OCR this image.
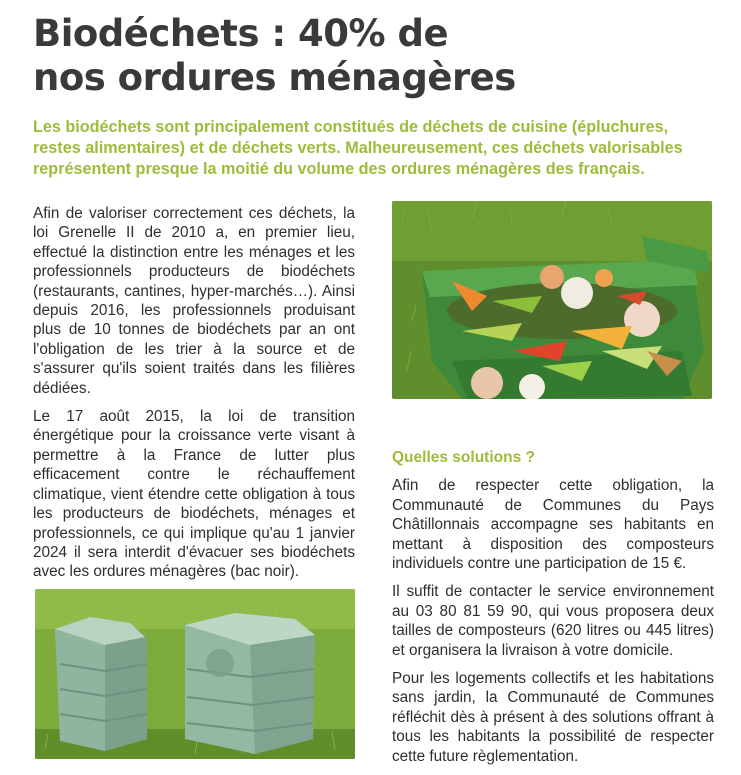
Biodéchets : 40% de
nos ordures ménagères
Les biodéchets sont principalement constitués de déchets de cuisine (épluchures, restes alimentaires) et de déchets verts. Malheureusement, ces déchets valorisables représentent presque la moitié du volume des ordures ménagères des français.

Afin de valoriser correctement ces déchets, la loi Grenelle II de 2010 a, en premier lieu, effectué la distinction entre les ménages et les professionnels producteurs de biodéchets (restaurants, cantines, hyper-marchés…). Ainsi depuis 2016, les professionnels produisant plus de 10 tonnes de biodéchets par an ont l'obligation de les trier à la source et de s'assurer qu'ils soient traités dans les filières dédiées.

Le 17 août 2015, la loi de transition énergétique pour la croissance verte visant à permettre à la France de lutter plus efficacement contre le réchauffement climatique, vient étendre cette obligation à tous les producteurs de biodéchets, ménages et professionnels, ce qui implique qu'au 1 janvier 2024 il sera interdit d'évacuer ses biodéchets avec les ordures ménagères (bac noir).

Quelles solutions ?

Afin de respecter cette obligation, la Communauté de Communes du Pays Châtillonnais accompagne ses habitants en mettant à disposition des composteurs individuels contre une participation de 15 €.

Il suffit de contacter le service environnement au 03 80 81 59 90, qui vous proposera deux tailles de composteurs (620 litres ou 445 litres) et organisera la livraison à votre domicile.

Pour les logements collectifs et les habitations sans jardin, la Communauté de Communes réfléchit dès à présent à des solutions offrant à tous les habitants la possibilité de respecter cette future règlementation.
